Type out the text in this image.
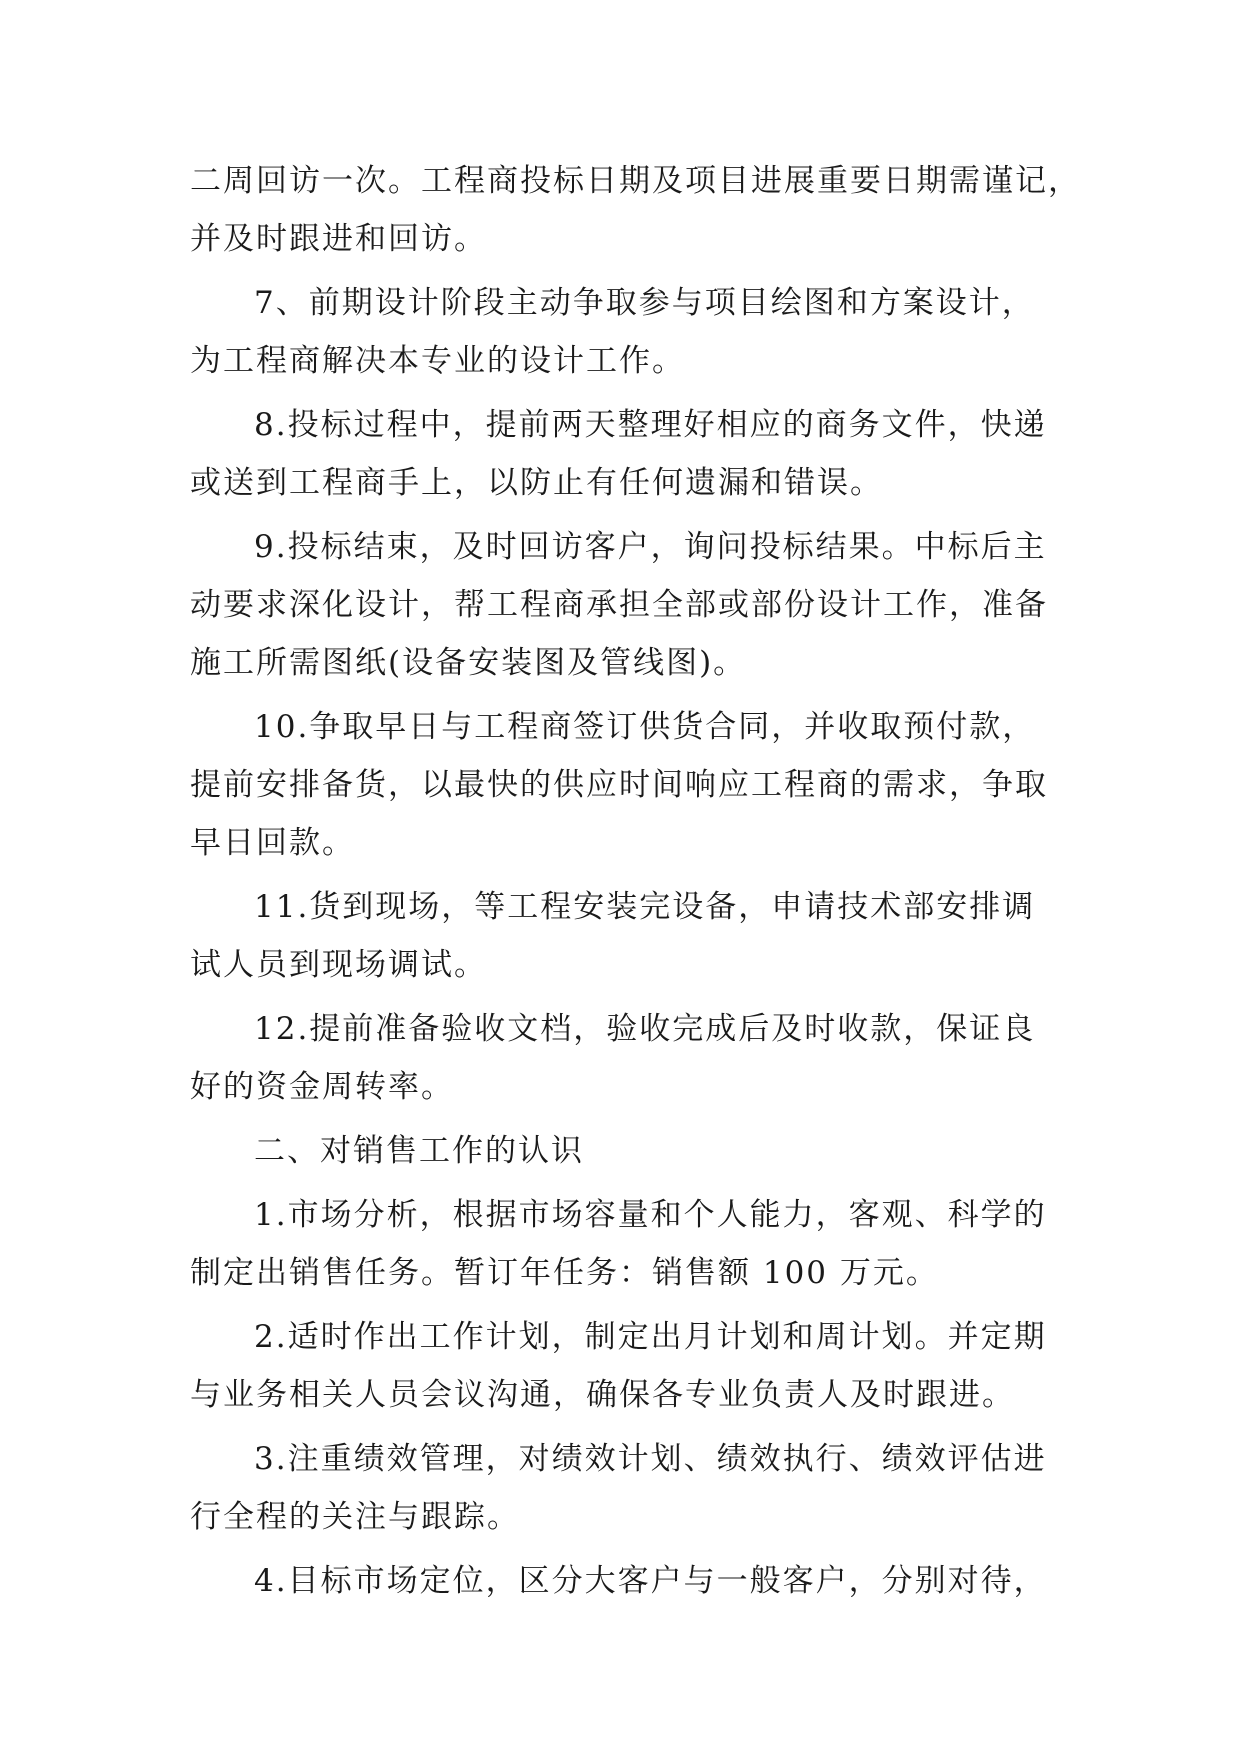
二周回访一次。工程商投标日期及项目进展重要日期需谨记，
并及时跟进和回访。
7、前期设计阶段主动争取参与项目绘图和方案设计，
为工程商解决本专业的设计工作。
8.投标过程中，提前两天整理好相应的商务文件，快递
或送到工程商手上，以防止有任何遗漏和错误。
9.投标结束，及时回访客户，询问投标结果。中标后主
动要求深化设计，帮工程商承担全部或部份设计工作，准备
施工所需图纸(设备安装图及管线图)。
10.争取早日与工程商签订供货合同，并收取预付款，
提前安排备货，以最快的供应时间响应工程商的需求，争取
早日回款。
11.货到现场，等工程安装完设备，申请技术部安排调
试人员到现场调试。
12.提前准备验收文档，验收完成后及时收款，保证良
好的资金周转率。
二、对销售工作的认识
1.市场分析，根据市场容量和个人能力，客观、科学的
制定出销售任务。暂订年任务：销售额 100 万元。
2.适时作出工作计划，制定出月计划和周计划。并定期
与业务相关人员会议沟通，确保各专业负责人及时跟进。
3.注重绩效管理，对绩效计划、绩效执行、绩效评估进
行全程的关注与跟踪。
4.目标市场定位，区分大客户与一般客户，分别对待，
